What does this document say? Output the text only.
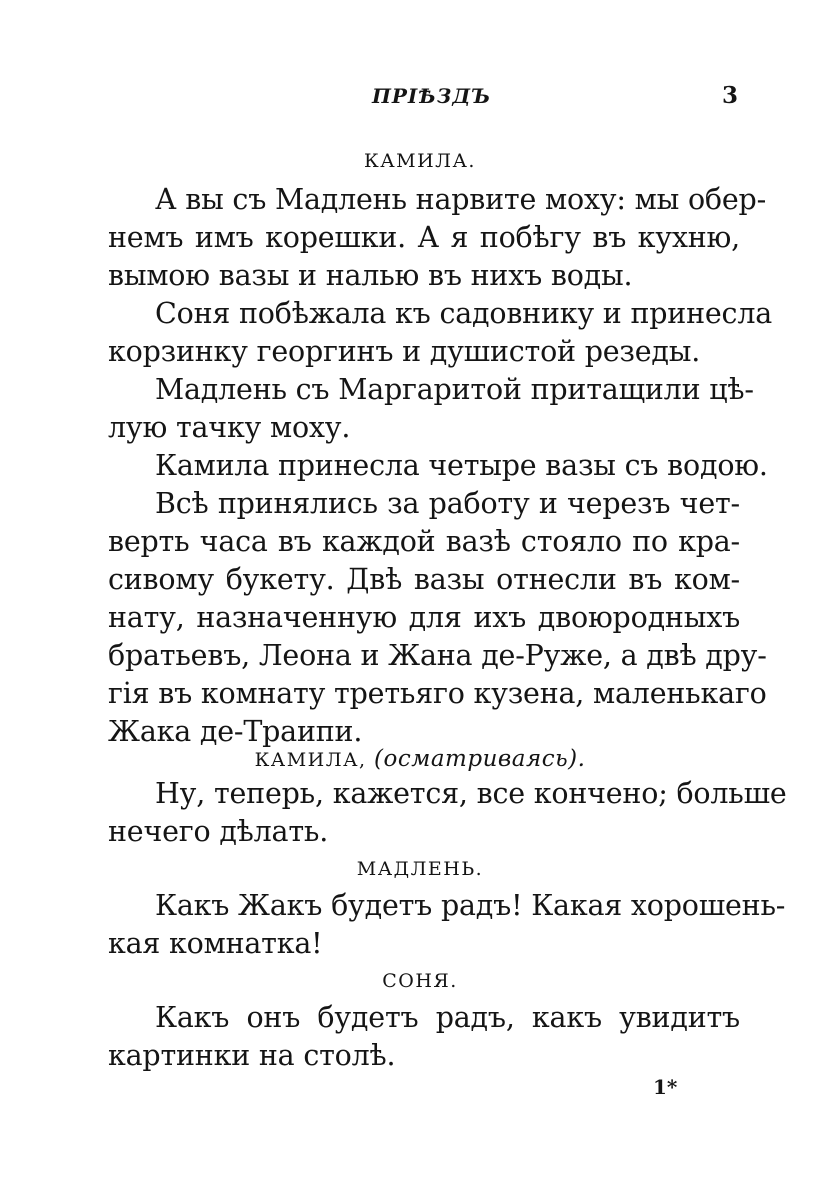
ПРІѢЗДЪ	3
КАМИЛА.
А вы съ Мадлень нарвите моху: мы обер-
немъ имъ корешки. А я побѣгу въ кухню,
вымою вазы и налью въ нихъ воды.
Соня побѣжала къ садовнику и принесла
корзинку георгинъ и душистой резеды.
Мадлень съ Маргаритой притащили цѣ-
лую тачку моху.
Камила принесла четыре вазы съ водою.
Всѣ принялись за работу и черезъ чет-
верть часа въ каждой вазѣ стояло по кра-
сивому букету. Двѣ вазы отнесли въ ком-
нату, назначенную для ихъ двоюродныхъ
братьевъ, Леона и Жана де-Руже, а двѣ дру-
гія въ комнату третьяго кузена, маленькаго
Жака де-Траипи.
КАМИЛА, (осматриваясь).
Ну, теперь, кажется, все кончено; больше
нечего дѣлать.
МАДЛЕНЬ.
Какъ Жакъ будетъ радъ! Какая хорошень-
кая комнатка!
СОНЯ.
Какъ онъ будетъ радъ, какъ увидитъ
картинки на столѣ.
1*
